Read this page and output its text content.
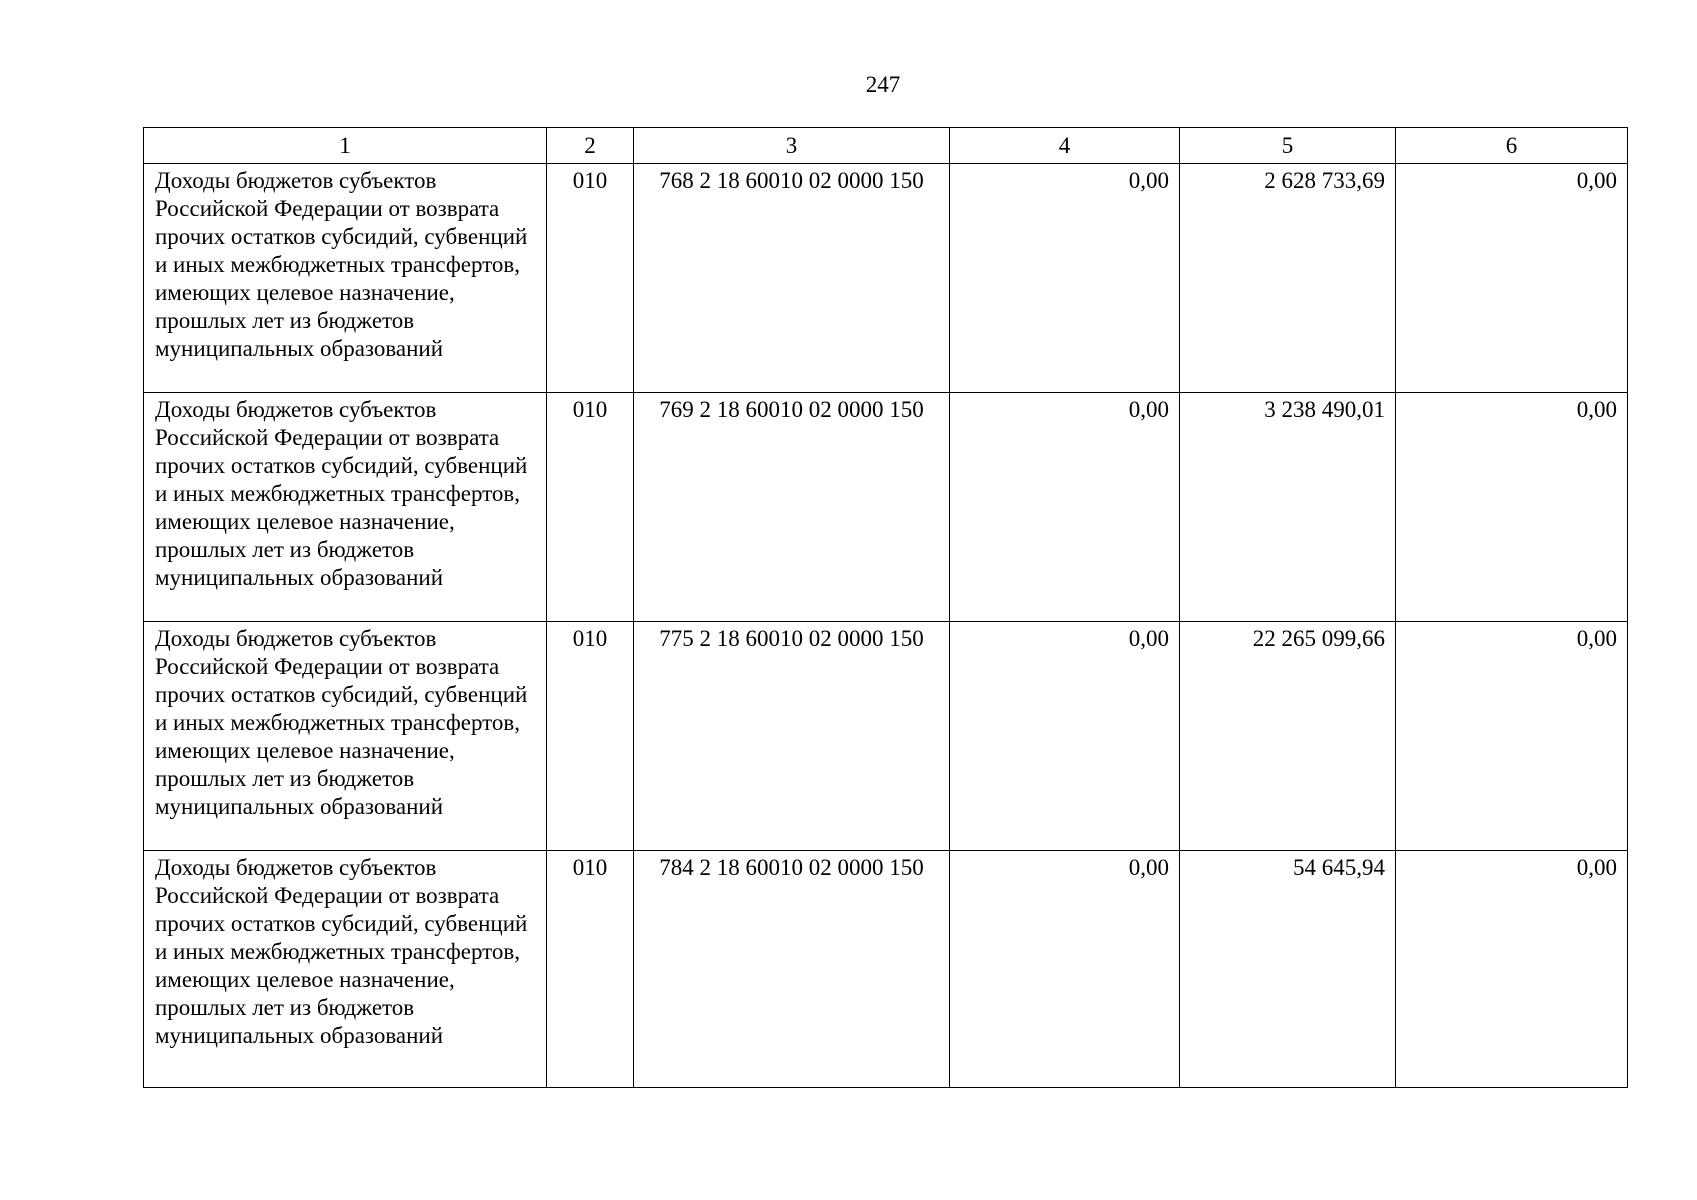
247
1	2	3	4	5	6
Доходы бюджетов субъектов Российской Федерации от возврата прочих остатков субсидий, субвенций и иных межбюджетных трансфертов, имеющих целевое назначение, прошлых лет из бюджетов муниципальных образований	010	768 2 18 60010 02 0000 150	0,00	2 628 733,69	0,00
Доходы бюджетов субъектов Российской Федерации от возврата прочих остатков субсидий, субвенций и иных межбюджетных трансфертов, имеющих целевое назначение, прошлых лет из бюджетов муниципальных образований	010	769 2 18 60010 02 0000 150	0,00	3 238 490,01	0,00
Доходы бюджетов субъектов Российской Федерации от возврата прочих остатков субсидий, субвенций и иных межбюджетных трансфертов, имеющих целевое назначение, прошлых лет из бюджетов муниципальных образований	010	775 2 18 60010 02 0000 150	0,00	22 265 099,66	0,00
Доходы бюджетов субъектов Российской Федерации от возврата прочих остатков субсидий, субвенций и иных межбюджетных трансфертов, имеющих целевое назначение, прошлых лет из бюджетов муниципальных образований	010	784 2 18 60010 02 0000 150	0,00	54 645,94	0,00
